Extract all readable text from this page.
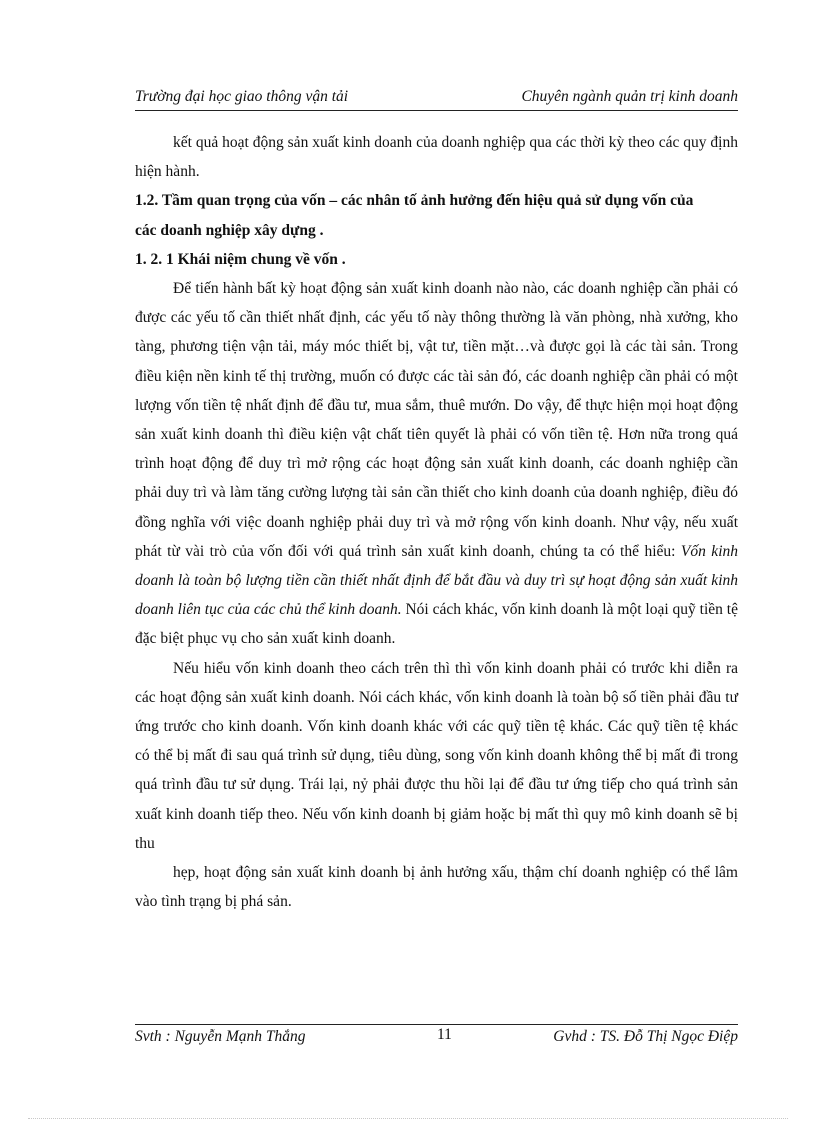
Trường đại học giao thông vận tải	Chuyên ngành quản trị kinh doanh

kết quả hoạt động sản xuất kinh doanh của doanh nghiệp qua các thời kỳ theo các quy định hiện hành.

1.2. Tầm quan trọng của vốn – các nhân tố ảnh hưởng đến hiệu quả sử dụng vốn của các doanh nghiệp xây dựng .

1. 2. 1 Khái niệm chung về vốn .

Để tiến hành bất kỳ hoạt động sản xuất kinh doanh nào nào, các doanh nghiệp cần phải có được các yếu tố cần thiết nhất định, các yếu tố này thông thường là văn phòng, nhà xưởng, kho tàng, phương tiện vận tải, máy móc thiết bị, vật tư, tiền mặt…và được gọi là các tài sản. Trong điều kiện nền kinh tế thị trường, muốn có được các tài sản đó, các doanh nghiệp cần phải có một lượng vốn tiền tệ nhất định để đầu tư, mua sắm, thuê mướn. Do vậy, để thực hiện mọi hoạt động sản xuất kinh doanh thì điều kiện vật chất tiên quyết là phải có vốn tiền tệ. Hơn nữa trong quá trình hoạt động để duy trì mở rộng các hoạt động sản xuất kinh doanh, các doanh nghiệp cần phải duy trì và làm tăng cường lượng tài sản cần thiết cho kinh doanh của doanh nghiệp, điều đó đồng nghĩa với việc doanh nghiệp phải duy trì và mở rộng vốn kinh doanh. Như vậy, nếu xuất phát từ vài trò của vốn đối với quá trình sản xuất kinh doanh, chúng ta có thể hiểu: Vốn kinh doanh là toàn bộ lượng tiền cần thiết nhất định để bắt đầu và duy trì sự hoạt động sản xuất kinh doanh liên tục của các chủ thể kinh doanh. Nói cách khác, vốn kinh doanh là một loại quỹ tiền tệ đặc biệt phục vụ cho sản xuất kinh doanh.

Nếu hiểu vốn kinh doanh theo cách trên thì thì vốn kinh doanh phải có trước khi diễn ra các hoạt động sản xuất kinh doanh. Nói cách khác, vốn kinh doanh là toàn bộ số tiền phải đầu tư ứng trước cho kinh doanh. Vốn kinh doanh khác với các quỹ tiền tệ khác. Các quỹ tiền tệ khác có thể bị mất đi sau quá trình sử dụng, tiêu dùng, song vốn kinh doanh không thể bị mất đi trong quá trình đầu tư sử dụng. Trái lại, nỷ phải được thu hồi lại để đầu tư ứng tiếp cho quá trình sản xuất kinh doanh tiếp theo. Nếu vốn kinh doanh bị giảm hoặc bị mất thì quy mô kinh doanh sẽ bị thu

hẹp, hoạt động sản xuất kinh doanh bị ảnh hưởng xấu, thậm chí doanh nghiệp có thể lâm vào tình trạng bị phá sản.

Svth : Nguyễn Mạnh Thắng	11	Gvhd : TS. Đỗ Thị Ngọc Điệp
